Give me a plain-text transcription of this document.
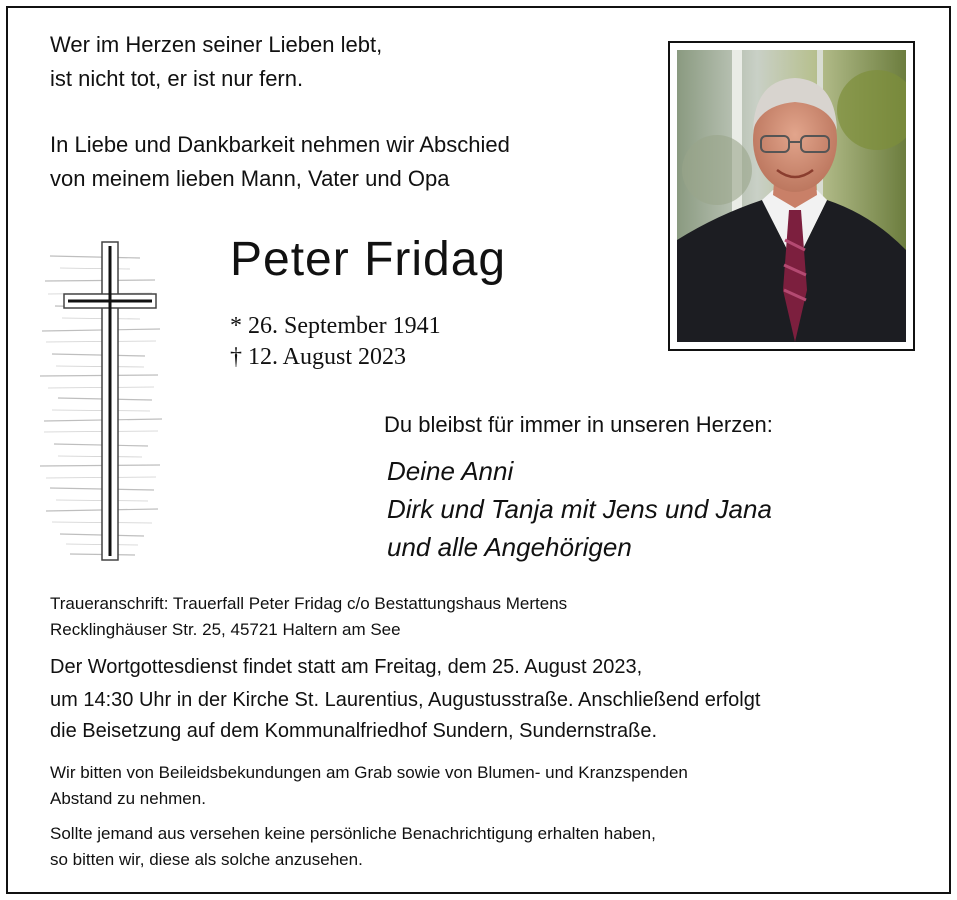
Wer im Herzen seiner Lieben lebt,

ist nicht tot, er ist nur fern.

In Liebe und Dankbarkeit nehmen wir Abschied

von meinem lieben Mann, Vater und Opa

Peter Fridag

* 26. September 1941

† 12. August 2023

Du bleibst für immer in unseren Herzen:

Deine Anni

Dirk und Tanja mit Jens und Jana

und alle Angehörigen

Traueranschrift: Trauerfall Peter Fridag c/o Bestattungshaus Mertens

Recklinghäuser Str. 25, 45721 Haltern am See

Der Wortgottesdienst findet statt am Freitag, dem 25. August 2023,

um 14:30 Uhr in der Kirche St. Laurentius, Augustusstraße. Anschließend erfolgt

die Beisetzung auf dem Kommunalfriedhof Sundern, Sundernstraße.

Wir bitten von Beileidsbekundungen am Grab sowie von Blumen- und Kranzspenden

Abstand zu nehmen.

Sollte jemand aus versehen keine persönliche Benachrichtigung erhalten haben,

so bitten wir, diese als solche anzusehen.
